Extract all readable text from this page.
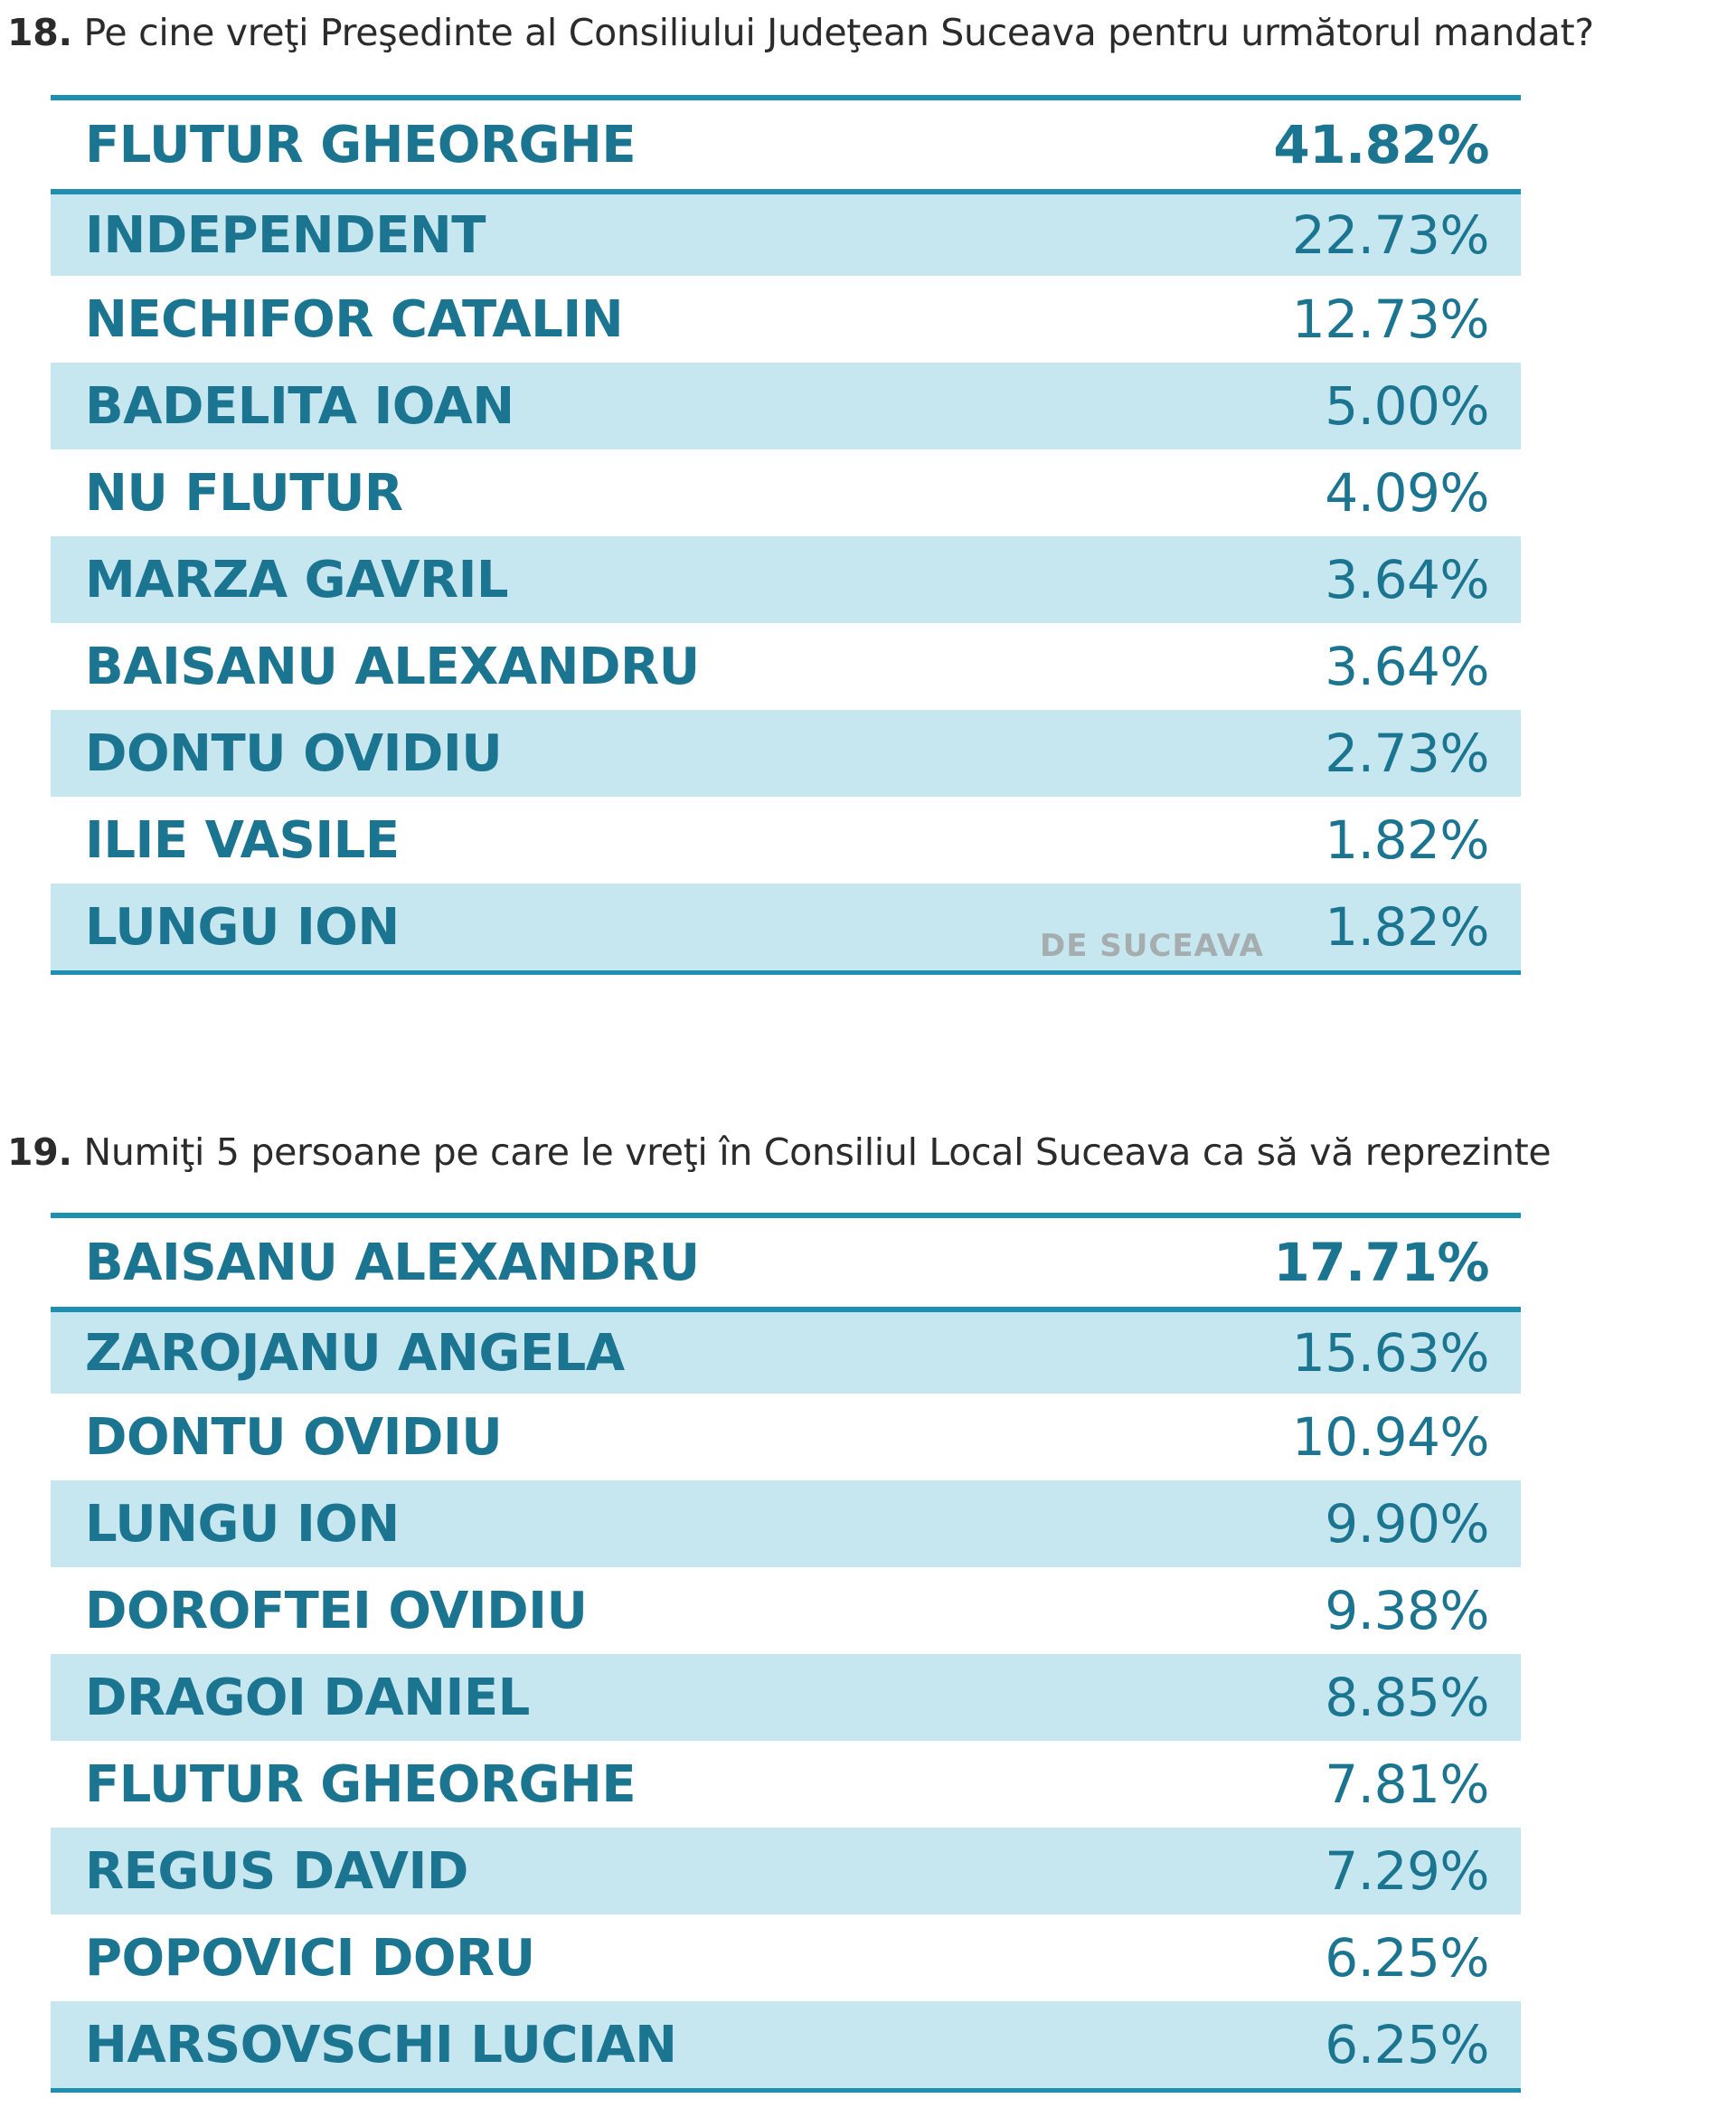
18. Pe cine vreţi Preşedinte al Consiliului Judeţean Suceava pentru următorul mandat?

FLUTUR GHEORGHE	41.82%
INDEPENDENT	22.73%
NECHIFOR CATALIN	12.73%
BADELITA IOAN	5.00%
NU FLUTUR	4.09%
MARZA GAVRIL	3.64%
BAISANU ALEXANDRU	3.64%
DONTU OVIDIU	2.73%
ILIE VASILE	1.82%
LUNGU ION	1.82%
DE SUCEAVA

19. Numiţi 5 persoane pe care le vreţi în Consiliul Local Suceava ca să vă reprezinte

BAISANU ALEXANDRU	17.71%
ZAROJANU ANGELA	15.63%
DONTU OVIDIU	10.94%
LUNGU ION	9.90%
DOROFTEI OVIDIU	9.38%
DRAGOI DANIEL	8.85%
FLUTUR GHEORGHE	7.81%
REGUS DAVID	7.29%
POPOVICI DORU	6.25%
HARSOVSCHI LUCIAN	6.25%
